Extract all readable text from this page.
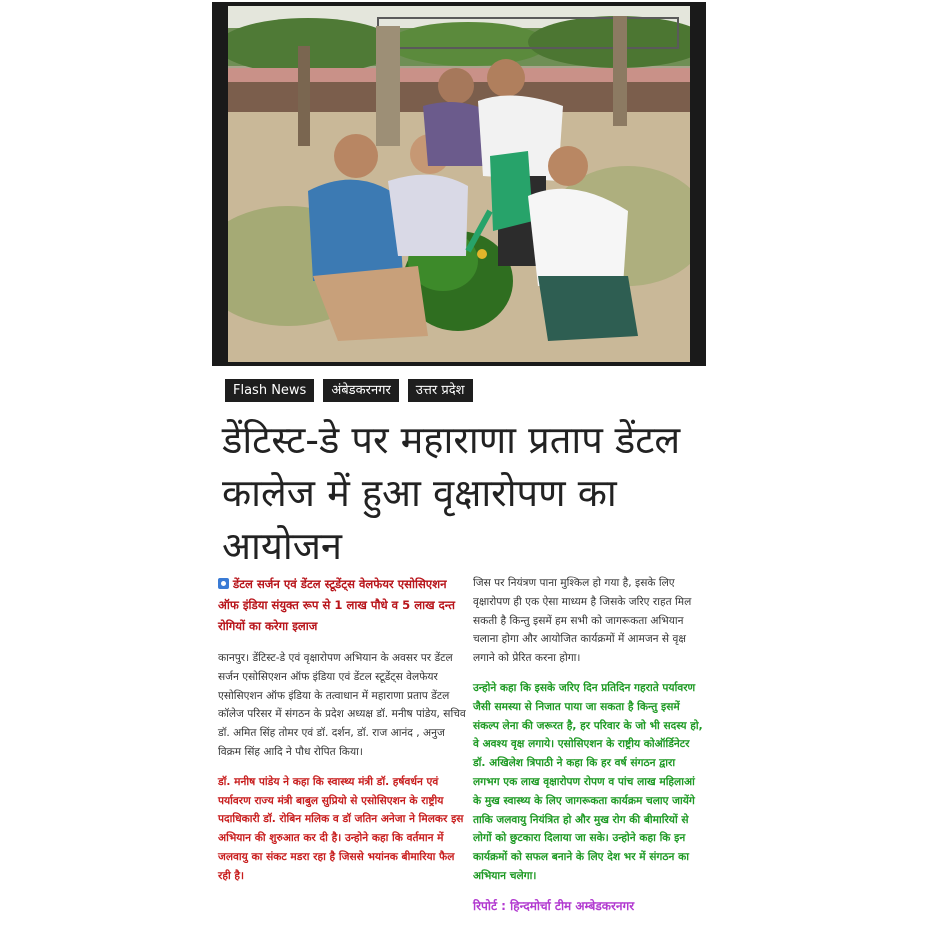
Flash News	अंबेडकरनगर	उत्तर प्रदेश
डेंटिस्ट-डे पर महाराणा प्रताप डेंटल कालेज में हुआ वृक्षारोपण का आयोजन

डेंटल सर्जन एवं डेंटल स्टूडेंट्स वेलफेयर एसोसिएशन ऑफ इंडिया संयुक्त रूप से 1 लाख पौधे व 5 लाख दन्त रोगियों का करेगा इलाज

कानपुर। डेंटिस्ट-डे एवं वृक्षारोपण अभियान के अवसर पर डेंटल सर्जन एसोसिएशन ऑफ इंडिया एवं डेंटल स्टूडेंट्स वेलफेयर एसोसिएशन ऑफ इंडिया के तत्वाधान में महाराणा प्रताप डेंटल कॉलेज परिसर में संगठन के प्रदेश अध्यक्ष डॉ. मनीष पांडेय, सचिव डॉ. अमित सिंह तोमर एवं डॉ. दर्शन, डॉ. राज आनंद , अनुज विक्रम सिंह आदि ने पौध रोपित किया।

डॉ. मनीष पांडेय ने कहा कि स्वास्थ्य मंत्री डॉ. हर्षवर्धन एवं पर्यावरण राज्य मंत्री बाबुल सुप्रियो से एसोसिएशन के राष्ट्रीय पदाधिकारी डॉ. रोबिन मलिक व डॉ जतिन अनेजा ने मिलकर इस अभियान की शुरुआत कर दी है। उन्होने कहा कि वर्तमान में जलवायु का संकट मडरा रहा है जिससे भयांनक बीमारिया फैल रही है।

जिस पर नियंत्रण पाना मुश्किल हो गया है, इसके लिए वृक्षारोपण ही एक ऐसा माध्यम है जिसके जरिए राहत मिल सकती है किन्तु इसमें हम सभी को जागरूकता अभियान चलाना होगा और आयोजित कार्यक्रमों में आमजन से वृक्ष लगाने को प्रेरित करना होगा।

उन्होने कहा कि इसके जरिए दिन प्रतिदिन गहराते पर्यावरण जैसी समस्या से निजात पाया जा सकता है किन्तु इसमें संकल्प लेना की जरूरत है, हर परिवार के जो भी सदस्य हो, वे अवश्य वृक्ष लगाये। एसोसिएशन के राष्ट्रीय कोऑर्डिनेटर डॉ. अखिलेश त्रिपाठी ने कहा कि हर वर्ष संगठन द्वारा लगभग एक लाख वृक्षारोपण रोपण व पांच लाख महिलाआं के मुख स्वास्थ्य के लिए जागरूकता कार्यक्रम चलाए जायेंगे ताकि जलवायु नियंत्रित हो और मुख रोग की बीमारियों से लोगों को छुटकारा दिलाया जा सके। उन्होने कहा कि इन कार्यक्रमों को सफल बनाने के लिए देश भर में संगठन का अभियान चलेगा।

रिपोर्ट : हिन्दमोर्चा टीम अम्बेडकरनगर
